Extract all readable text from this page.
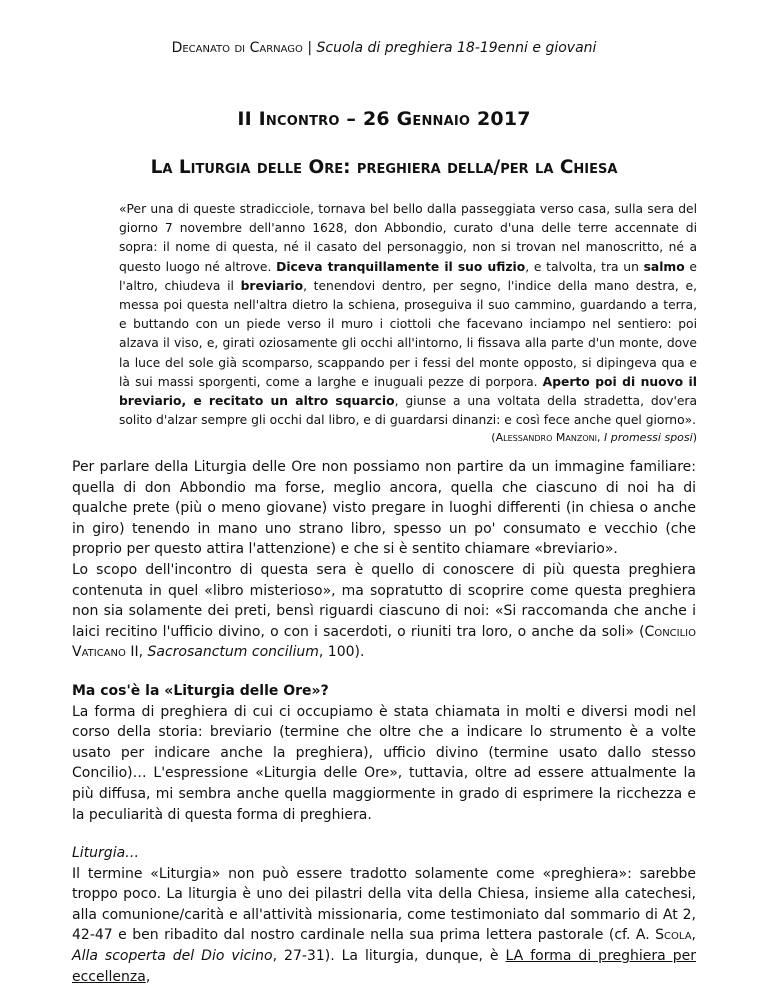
Decanato di Carnago | Scuola di preghiera 18-19enni e giovani
II Incontro – 26 Gennaio 2017
La Liturgia delle Ore: preghiera della/per la Chiesa
«Per una di queste stradicciole, tornava bel bello dalla passeggiata verso casa, sulla sera del giorno 7 novembre dell'anno 1628, don Abbondio, curato d'una delle terre accennate di sopra: il nome di questa, né il casato del personaggio, non si trovan nel manoscritto, né a questo luogo né altrove. Diceva tranquillamente il suo ufizio, e talvolta, tra un salmo e l'altro, chiudeva il breviario, tenendovi dentro, per segno, l'indice della mano destra, e, messa poi questa nell'altra dietro la schiena, proseguiva il suo cammino, guardando a terra, e buttando con un piede verso il muro i ciottoli che facevano inciampo nel sentiero: poi alzava il viso, e, girati oziosamente gli occhi all'intorno, li fissava alla parte d'un monte, dove la luce del sole già scomparso, scappando per i fessi del monte opposto, si dipingeva qua e là sui massi sporgenti, come a larghe e inuguali pezze di porpora. Aperto poi di nuovo il breviario, e recitato un altro squarcio, giunse a una voltata della stradetta, dov'era solito d'alzar sempre gli occhi dal libro, e di guardarsi dinanzi: e così fece anche quel giorno».
(Alessandro Manzoni, I promessi sposi)

Per parlare della Liturgia delle Ore non possiamo non partire da un immagine familiare: quella di don Abbondio ma forse, meglio ancora, quella che ciascuno di noi ha di qualche prete (più o meno giovane) visto pregare in luoghi differenti (in chiesa o anche in giro) tenendo in mano uno strano libro, spesso un po' consumato e vecchio (che proprio per questo attira l'attenzione) e che si è sentito chiamare «breviario».

Lo scopo dell'incontro di questa sera è quello di conoscere di più questa preghiera contenuta in quel «libro misterioso», ma sopratutto di scoprire come questa preghiera non sia solamente dei preti, bensì riguardi ciascuno di noi: «Si raccomanda che anche i laici recitino l'ufficio divino, o con i sacerdoti, o riuniti tra loro, o anche da soli» (Concilio Vaticano II, Sacrosanctum concilium, 100).

Ma cos'è la «Liturgia delle Ore»?

La forma di preghiera di cui ci occupiamo è stata chiamata in molti e diversi modi nel corso della storia: breviario (termine che oltre che a indicare lo strumento è a volte usato per indicare anche la preghiera), ufficio divino (termine usato dallo stesso Concilio)… L'espressione «Liturgia delle Ore», tuttavia, oltre ad essere attualmente la più diffusa, mi sembra anche quella maggiormente in grado di esprimere la ricchezza e la peculiarità di questa forma di preghiera.

Liturgia…

Il termine «Liturgia» non può essere tradotto solamente come «preghiera»: sarebbe troppo poco. La liturgia è uno dei pilastri della vita della Chiesa, insieme alla catechesi, alla comunione/carità e all'attività missionaria, come testimoniato dal sommario di At 2, 42-47 e ben ribadito dal nostro cardinale nella sua prima lettera pastorale (cf. A. Scola, Alla scoperta del Dio vicino, 27-31). La liturgia, dunque, è LA forma di preghiera per eccellenza,
